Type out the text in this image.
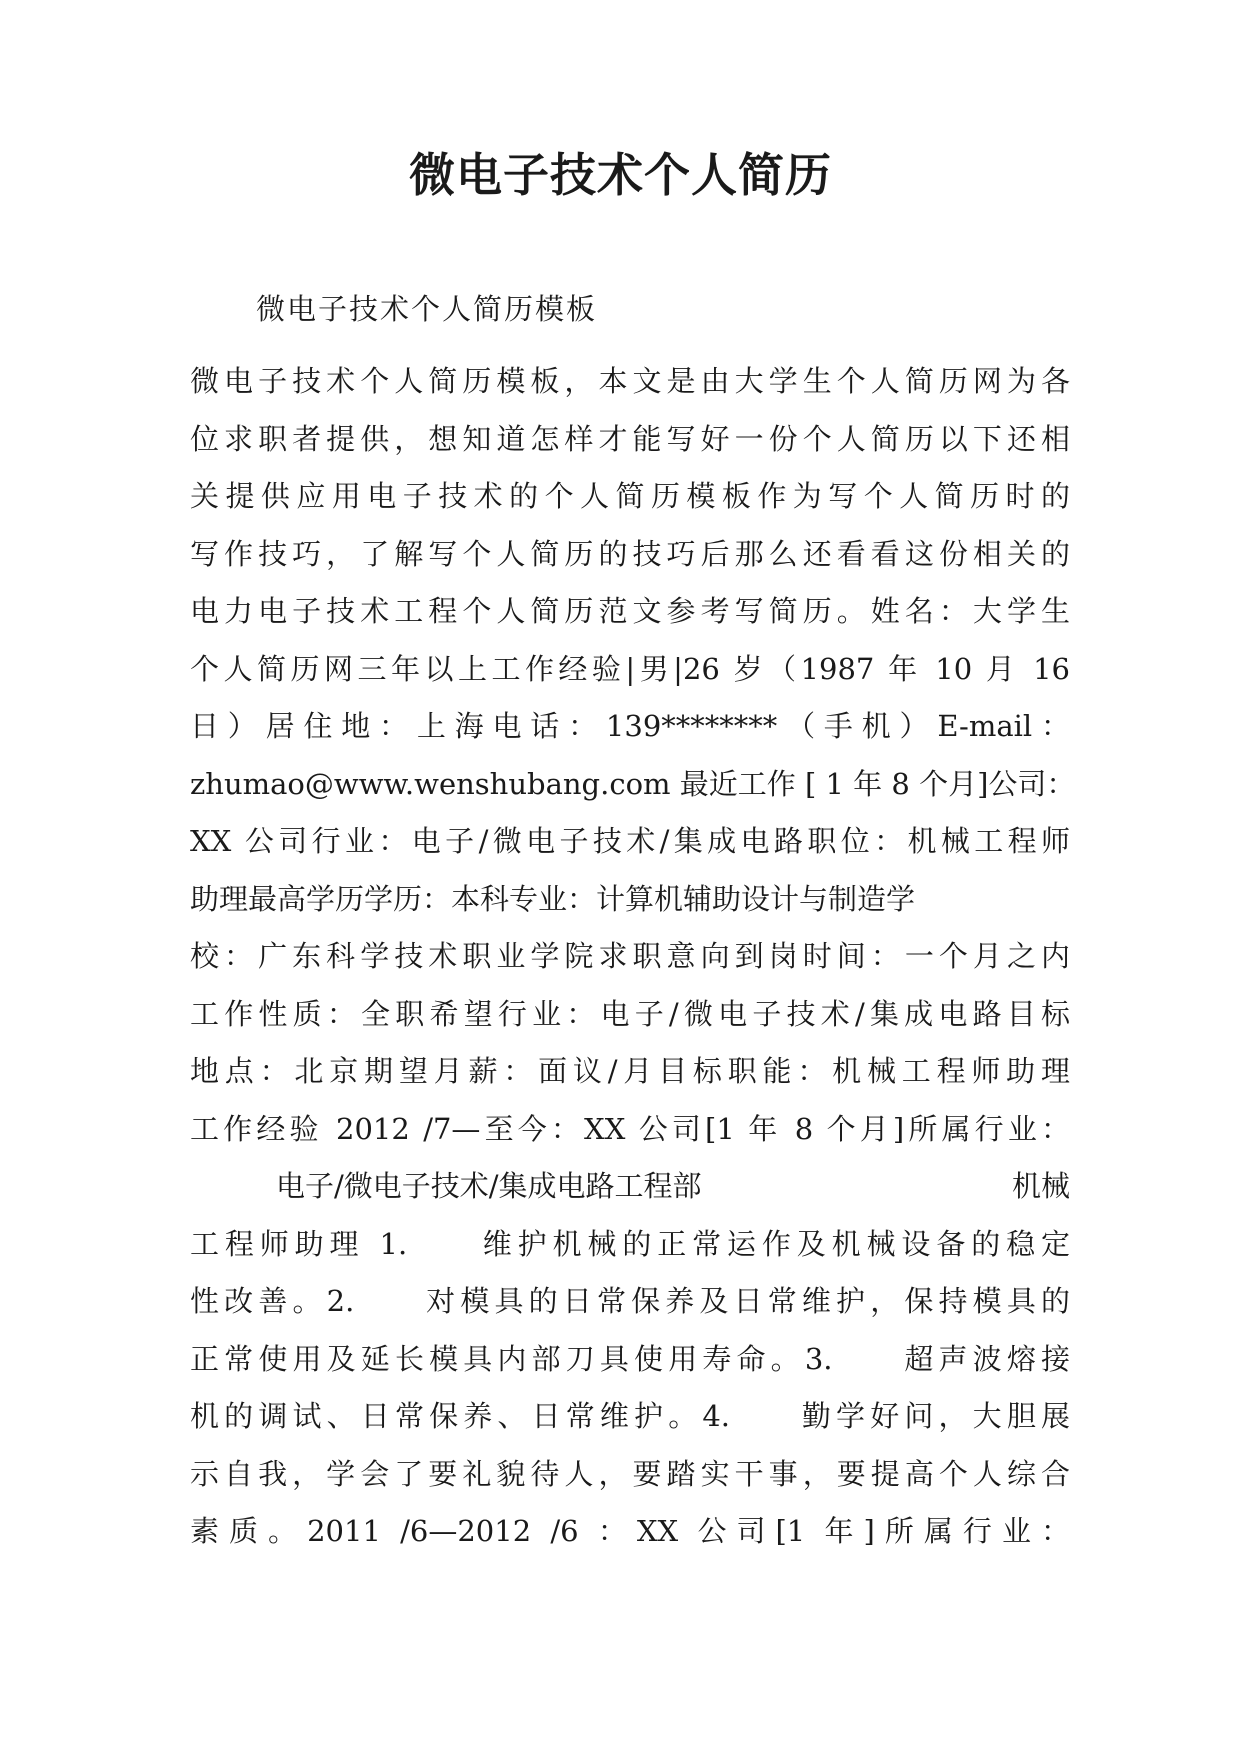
微电子技术个人简历

微电子技术个人简历模板

微电子技术个人简历模板，本文是由大学生个人简历网为各
位求职者提供，想知道怎样才能写好一份个人简历以下还相
关提供应用电子技术的个人简历模板作为写个人简历时的
写作技巧，了解写个人简历的技巧后那么还看看这份相关的
电力电子技术工程个人简历范文参考写简历。姓名：大学生
个人简历网三年以上工作经验|男|26 岁（1987 年 10 月 16
日）居住地：上海电话：139********（手机）E-mail：
zhumao@www.wenshubang.com 最近工作 [ 1 年 8 个月]公司：
XX 公司行业：电子/微电子技术/集成电路职位：机械工程师
助理最高学历学历：本科专业：计算机辅助设计与制造学
校：广东科学技术职业学院求职意向到岗时间：一个月之内
工作性质：全职希望行业：电子/微电子技术/集成电路目标
地点：北京期望月薪：面议/月目标职能：机械工程师助理
工作经验 2012 /7—至今：XX 公司[1 年 8 个月]所属行业：
电子/微电子技术/集成电路工程部	机械
工程师助理 1.     维护机械的正常运作及机械设备的稳定
性改善。2.     对模具的日常保养及日常维护，保持模具的
正常使用及延长模具内部刀具使用寿命。3.     超声波熔接
机的调试、日常保养、日常维护。4.     勤学好问，大胆展
示自我，学会了要礼貌待人，要踏实干事，要提高个人综合
素质。2011 /6—2012 /6 ：XX 公司[1 年]所属行业：
